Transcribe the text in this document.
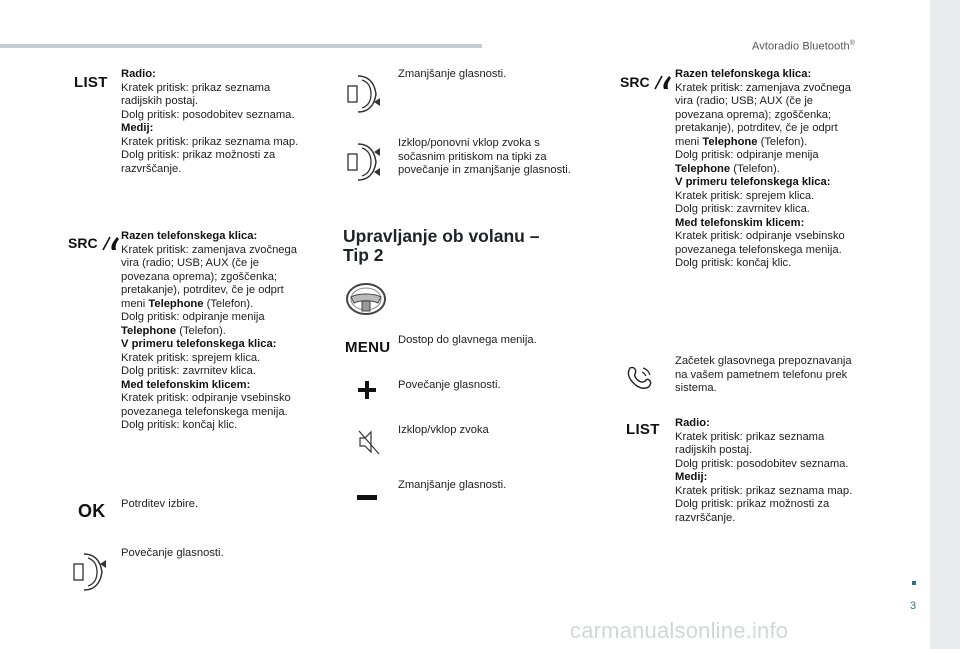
Avtoradio Bluetooth®
LIST Radio:
Kratek pritisk: prikaz seznama
radijskih postaj.
Dolg pritisk: posodobitev seznama.
Medij:
Kratek pritisk: prikaz seznama map.
Dolg pritisk: prikaz možnosti za
razvrščanje.
SRC Razen telefonskega klica:
Kratek pritisk: zamenjava zvočnega
vira (radio; USB; AUX (če je
povezana oprema); zgoščenka;
pretakanje), potrditev, če je odprt
meni Telephone (Telefon).
Dolg pritisk: odpiranje menija
Telephone (Telefon).
V primeru telefonskega klica:
Kratek pritisk: sprejem klica.
Dolg pritisk: zavrnitev klica.
Med telefonskim klicem:
Kratek pritisk: odpiranje vsebinsko
povezanega telefonskega menija.
Dolg pritisk: končaj klic.
OK Potrditev izbire.
Povečanje glasnosti.
Zmanjšanje glasnosti.
Izklop/ponovni vklop zvoka s
sočasnim pritiskom na tipki za
povečanje in zmanjšanje glasnosti.
Upravljanje ob volanu –
Tip 2
MENU Dostop do glavnega menija.
Povečanje glasnosti.
Izklop/vklop zvoka
Zmanjšanje glasnosti.
SRC Razen telefonskega klica:
Kratek pritisk: zamenjava zvočnega
vira (radio; USB; AUX (če je
povezana oprema); zgoščenka;
pretakanje), potrditev, če je odprt
meni Telephone (Telefon).
Dolg pritisk: odpiranje menija
Telephone (Telefon).
V primeru telefonskega klica:
Kratek pritisk: sprejem klica.
Dolg pritisk: zavrnitev klica.
Med telefonskim klicem:
Kratek pritisk: odpiranje vsebinsko
povezanega telefonskega menija.
Dolg pritisk: končaj klic.
Začetek glasovnega prepoznavanja
na vašem pametnem telefonu prek
sistema.
LIST Radio:
Kratek pritisk: prikaz seznama
radijskih postaj.
Dolg pritisk: posodobitev seznama.
Medij:
Kratek pritisk: prikaz seznama map.
Dolg pritisk: prikaz možnosti za
razvrščanje.
3
carmanualsonline.info
